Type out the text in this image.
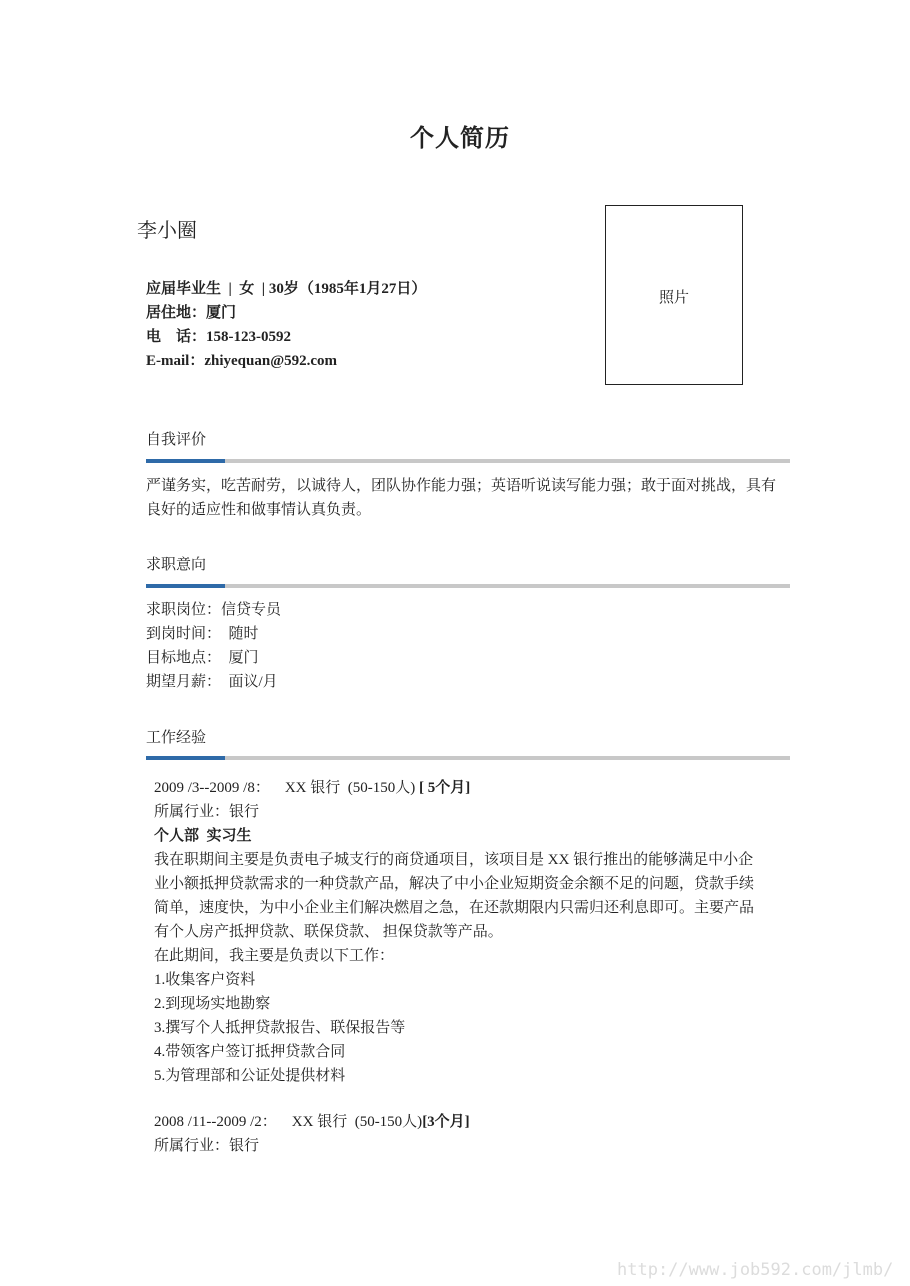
个人简历
李小圈
应届毕业生  |  女  | 30岁（1985年1月27日）
居住地：厦门
电    话：158-123-0592
E-mail：zhiyequan@592.com
照片
自我评价
严谨务实，吃苦耐劳，以诚待人，团队协作能力强；英语听说读写能力强；敢于面对挑战，具有良好的适应性和做事情认真负责。
求职意向
求职岗位：信贷专员
到岗时间：  随时
目标地点：  厦门
期望月薪：  面议/月
工作经验
2009 /3--2009 /8：    XX 银行  (50-150人) [ 5个月]
所属行业：银行
个人部  实习生
我在职期间主要是负责电子城支行的商贷通项目，该项目是 XX 银行推出的能够满足中小企
业小额抵押贷款需求的一种贷款产品，解决了中小企业短期资金余额不足的问题，贷款手续
简单，速度快，为中小企业主们解决燃眉之急，在还款期限内只需归还利息即可。主要产品
有个人房产抵押贷款、联保贷款、 担保贷款等产品。
在此期间，我主要是负责以下工作：
1.收集客户资料
2.到现场实地勘察
3.撰写个人抵押贷款报告、联保报告等
4.带领客户签订抵押贷款合同
5.为管理部和公证处提供材料
2008 /11--2009 /2：    XX 银行  (50-150人)[3个月]
所属行业：银行
http://www.job592.com/jlmb/
